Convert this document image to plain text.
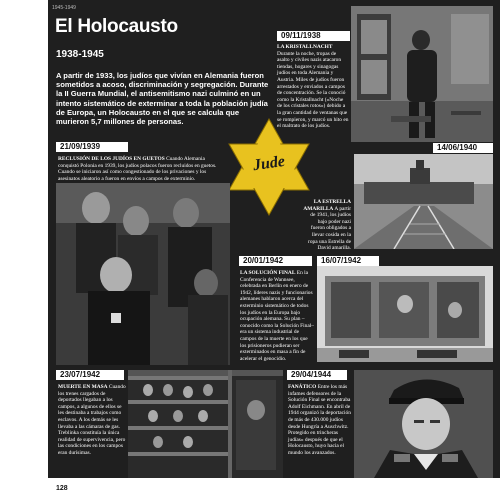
1945-1949
El Holocausto
1938-1945
A partir de 1933, los judíos que vivían en Alemania fueron sometidos a acoso, discriminación y segregación. Durante la II Guerra Mundial, el antisemitismo nazi culminó en un intento sistemático de exterminar a toda la población judía de Europa, un Holocausto en el que se calcula que murieron 5,7 millones de personas.
09/11/1938
LA KRISTALLNACHT Durante la noche, tropas de asalto y civiles nazis atacaron tiendas, hogares y sinagogas judíos en toda Alemania y Austria. Miles de judíos fueron arrestados y enviados a campos de concentración. Se la conoció como la Kristallnacht («Noche de los cristales rotos») debido a la gran cantidad de ventanas que se rompieron, y marcó un hito en el maltrato de los judíos.
Jude
21/09/1939
RECLUSIÓN DE LOS JUDÍOS EN GUETOS Cuando Alemania conquistó Polonia en 1939, los judíos polacos fueron recluidos en guetos. Cuando se iniciaron así como congestionado de los privaciones y los asesinatos aleatorio a fueron en envíos a campos de exterminio.
LA ESTRELLA AMARILLA A partir de 1941, los judíos bajo poder nazi fueron obligados a llevar cosida en la ropa una Estrella de David amarilla.
14/06/1940
20/01/1942
LA SOLUCIÓN FINAL En la Conferencia de Wannsee, celebrada en Berlín en enero de 1942, líderes nazis y funcionarios alemanes hablaron acerca del exterminio sistemático de todos los judíos en la Europa bajo ocupación alemana. Su plan –conocido como la Solución Final– era un sistema industrial de campos de la muerte en los que los prisioneros pudieran ser exterminados en masa a fin de acelerar el genocidio.
16/07/1942
23/07/1942
MUERTE EN MASA Cuando los trenes cargados de deportados llegaban a los campos, a algunos de ellos se les destinaba a trabajos como esclavos. A los demás se les llevaba a las cámaras de gas. Treblinka constituía la única realidad de supervivencia, pero las condiciones en los campos eran durísimas.
29/04/1944
FANÁTICO Entre los más infames defensores de la Solución Final se encontraba Adolf Eichmann. En abril de 1944 organizó la deportación de más de 430.000 judíos desde Hungría a Auschwitz. Protegido en trincheras judías» después de que el Holocausto, huyo hacia el mundo los avanzados.
128
